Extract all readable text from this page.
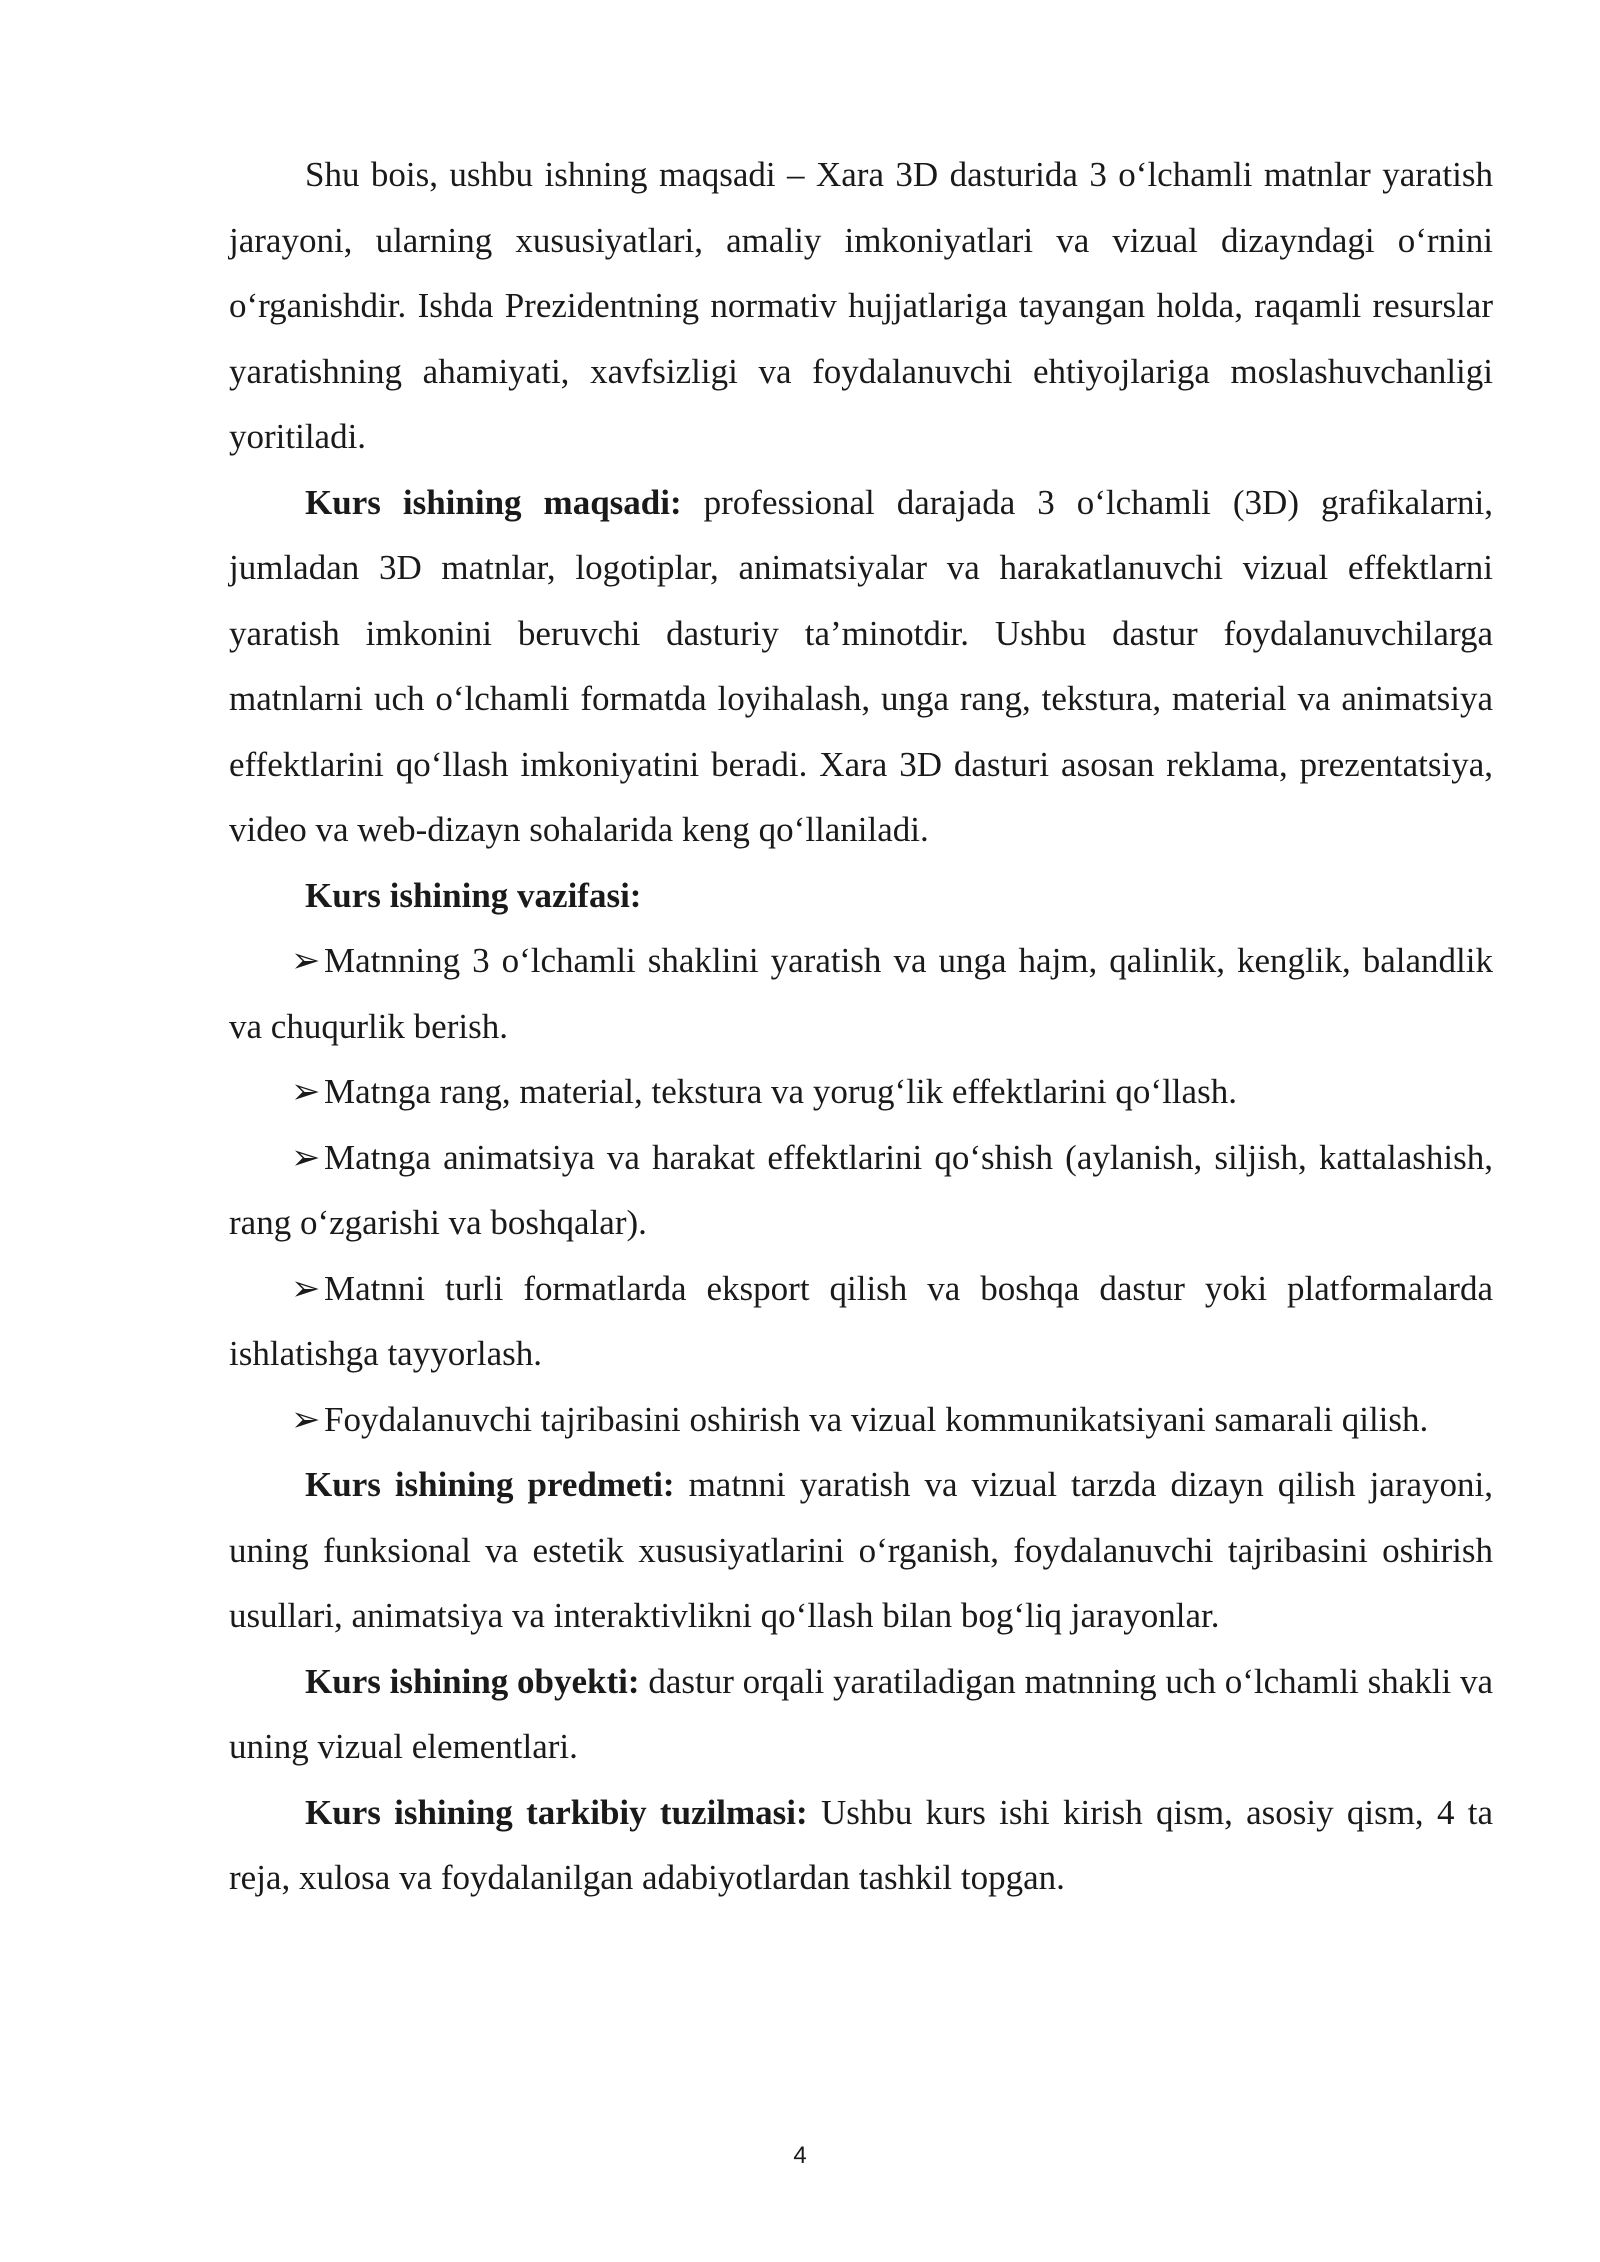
Shu bois, ushbu ishning maqsadi – Xara 3D dasturida 3 o‘lchamli matnlar yaratish jarayoni, ularning xususiyatlari, amaliy imkoniyatlari va vizual dizayndagi o‘rnini o‘rganishdir. Ishda Prezidentning normativ hujjatlariga tayangan holda, raqamli resurslar yaratishning ahamiyati, xavfsizligi va foydalanuvchi ehtiyojlariga moslashuvchanligi yoritiladi.

Kurs ishining maqsadi: professional darajada 3 o‘lchamli (3D) grafikalarni, jumladan 3D matnlar, logotiplar, animatsiyalar va harakatlanuvchi vizual effektlarni yaratish imkonini beruvchi dasturiy ta’minotdir. Ushbu dastur foydalanuvchilarga matnlarni uch o‘lchamli formatda loyihalash, unga rang, tekstura, material va animatsiya effektlarini qo‘llash imkoniyatini beradi. Xara 3D dasturi asosan reklama, prezentatsiya, video va web-dizayn sohalarida keng qo‘llaniladi.

Kurs ishining vazifasi:

➢ Matnning 3 o‘lchamli shaklini yaratish va unga hajm, qalinlik, kenglik, balandlik va chuqurlik berish.

➢ Matnga rang, material, tekstura va yorug‘lik effektlarini qo‘llash.

➢ Matnga animatsiya va harakat effektlarini qo‘shish (aylanish, siljish, kattalashish, rang o‘zgarishi va boshqalar).

➢ Matnni turli formatlarda eksport qilish va boshqa dastur yoki platformalarda ishlatishga tayyorlash.

➢ Foydalanuvchi tajribasini oshirish va vizual kommunikatsiyani samarali qilish.

Kurs ishining predmeti: matnni yaratish va vizual tarzda dizayn qilish jarayoni, uning funksional va estetik xususiyatlarini o‘rganish, foydalanuvchi tajribasini oshirish usullari, animatsiya va interaktivlikni qo‘llash bilan bog‘liq jarayonlar.

Kurs ishining obyekti: dastur orqali yaratiladigan matnning uch o‘lchamli shakli va uning vizual elementlari.

Kurs ishining tarkibiy tuzilmasi: Ushbu kurs ishi kirish qism, asosiy qism, 4 ta reja, xulosa va foydalanilgan adabiyotlardan tashkil topgan.

4
